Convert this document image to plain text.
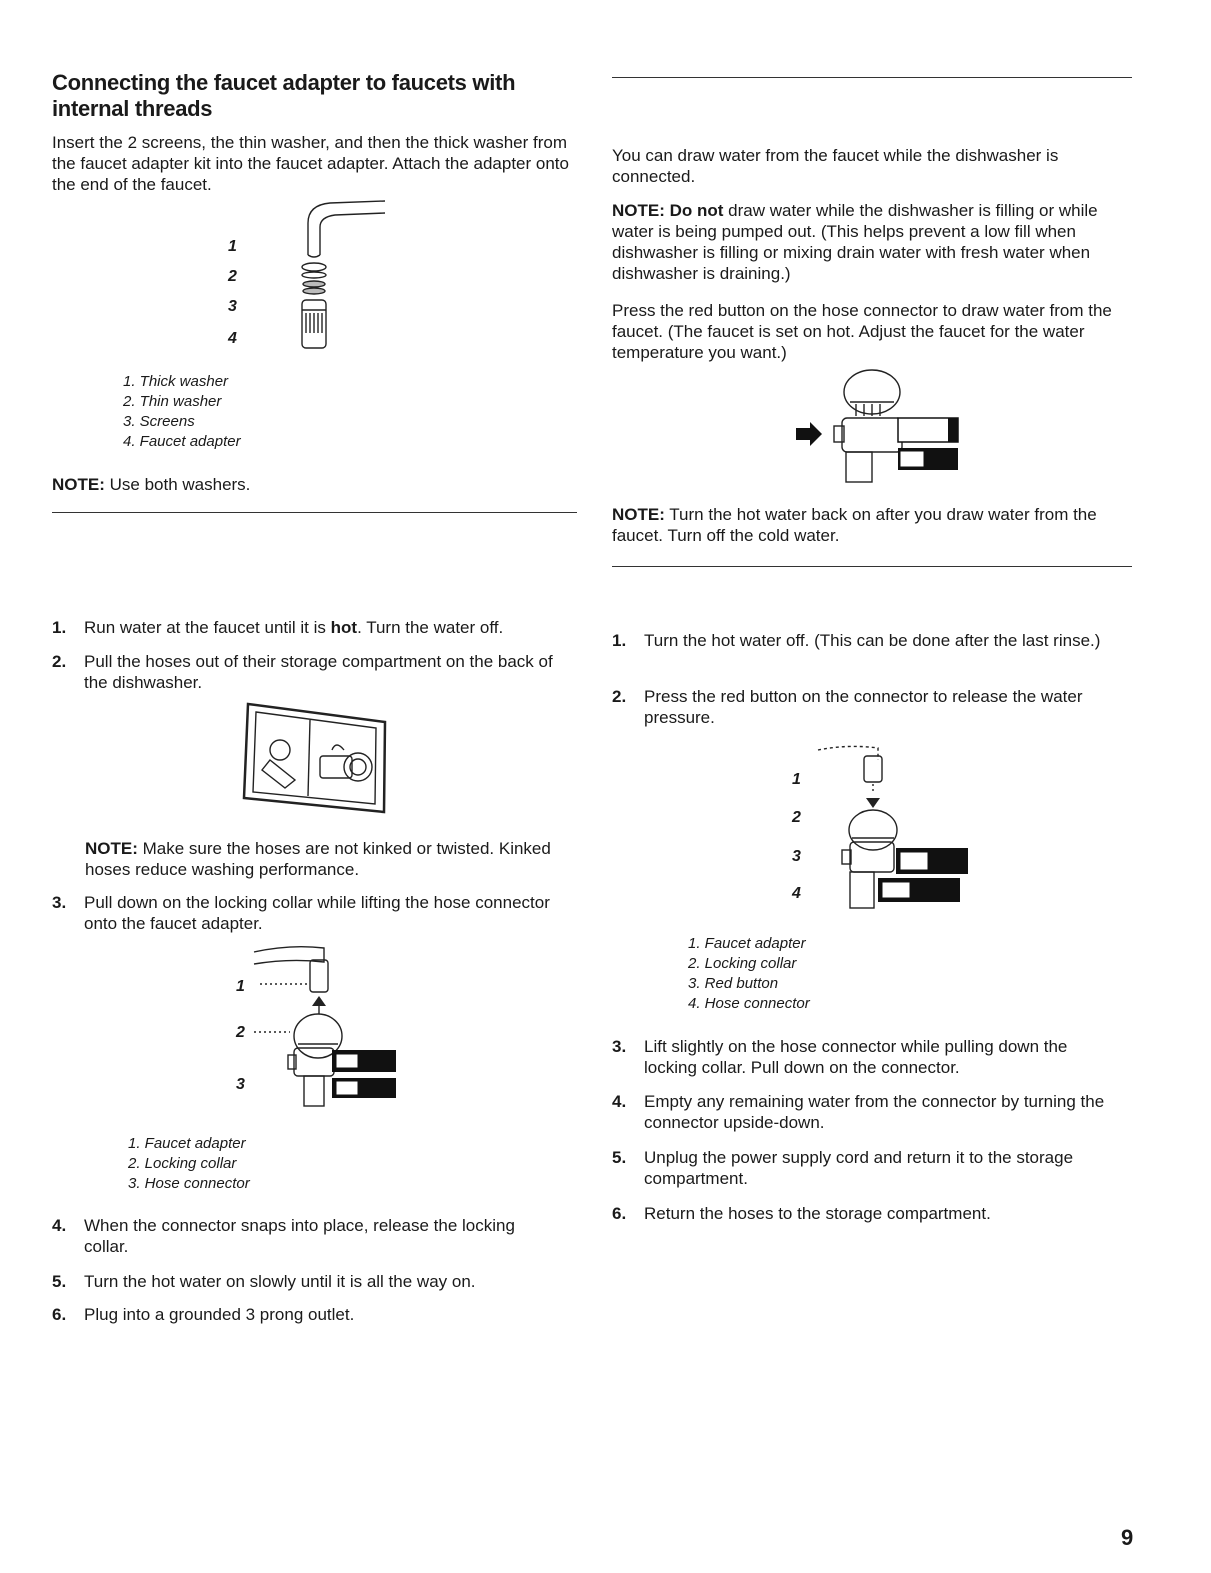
Connecting the faucet adapter to faucets with internal threads

Insert the 2 screens, the thin washer, and then the thick washer from the faucet adapter kit into the faucet adapter. Attach the adapter onto the end of the faucet.

1
2
3
4
1. Thick washer
2. Thin washer
3. Screens
4. Faucet adapter

NOTE: Use both washers.

1. Run water at the faucet until it is hot. Turn the water off.
2. Pull the hoses out of their storage compartment on the back of the dishwasher.

NOTE: Make sure the hoses are not kinked or twisted. Kinked hoses reduce washing performance.

3. Pull down on the locking collar while lifting the hose connector onto the faucet adapter.
1
2
3
1. Faucet adapter
2. Locking collar
3. Hose connector
4. When the connector snaps into place, release the locking collar.
5. Turn the hot water on slowly until it is all the way on.
6. Plug into a grounded 3 prong outlet.

You can draw water from the faucet while the dishwasher is connected.

NOTE: Do not draw water while the dishwasher is filling or while water is being pumped out. (This helps prevent a low fill when dishwasher is filling or mixing drain water with fresh water when dishwasher is draining.)

Press the red button on the hose connector to draw water from the faucet. (The faucet is set on hot. Adjust the faucet for the water temperature you want.)

NOTE: Turn the hot water back on after you draw water from the faucet. Turn off the cold water.

1. Turn the hot water off. (This can be done after the last rinse.)
2. Press the red button on the connector to release the water pressure.
1
2
3
4
1. Faucet adapter
2. Locking collar
3. Red button
4. Hose connector
3. Lift slightly on the hose connector while pulling down the locking collar. Pull down on the connector.
4. Empty any remaining water from the connector by turning the connector upside-down.
5. Unplug the power supply cord and return it to the storage compartment.
6. Return the hoses to the storage compartment.
9
